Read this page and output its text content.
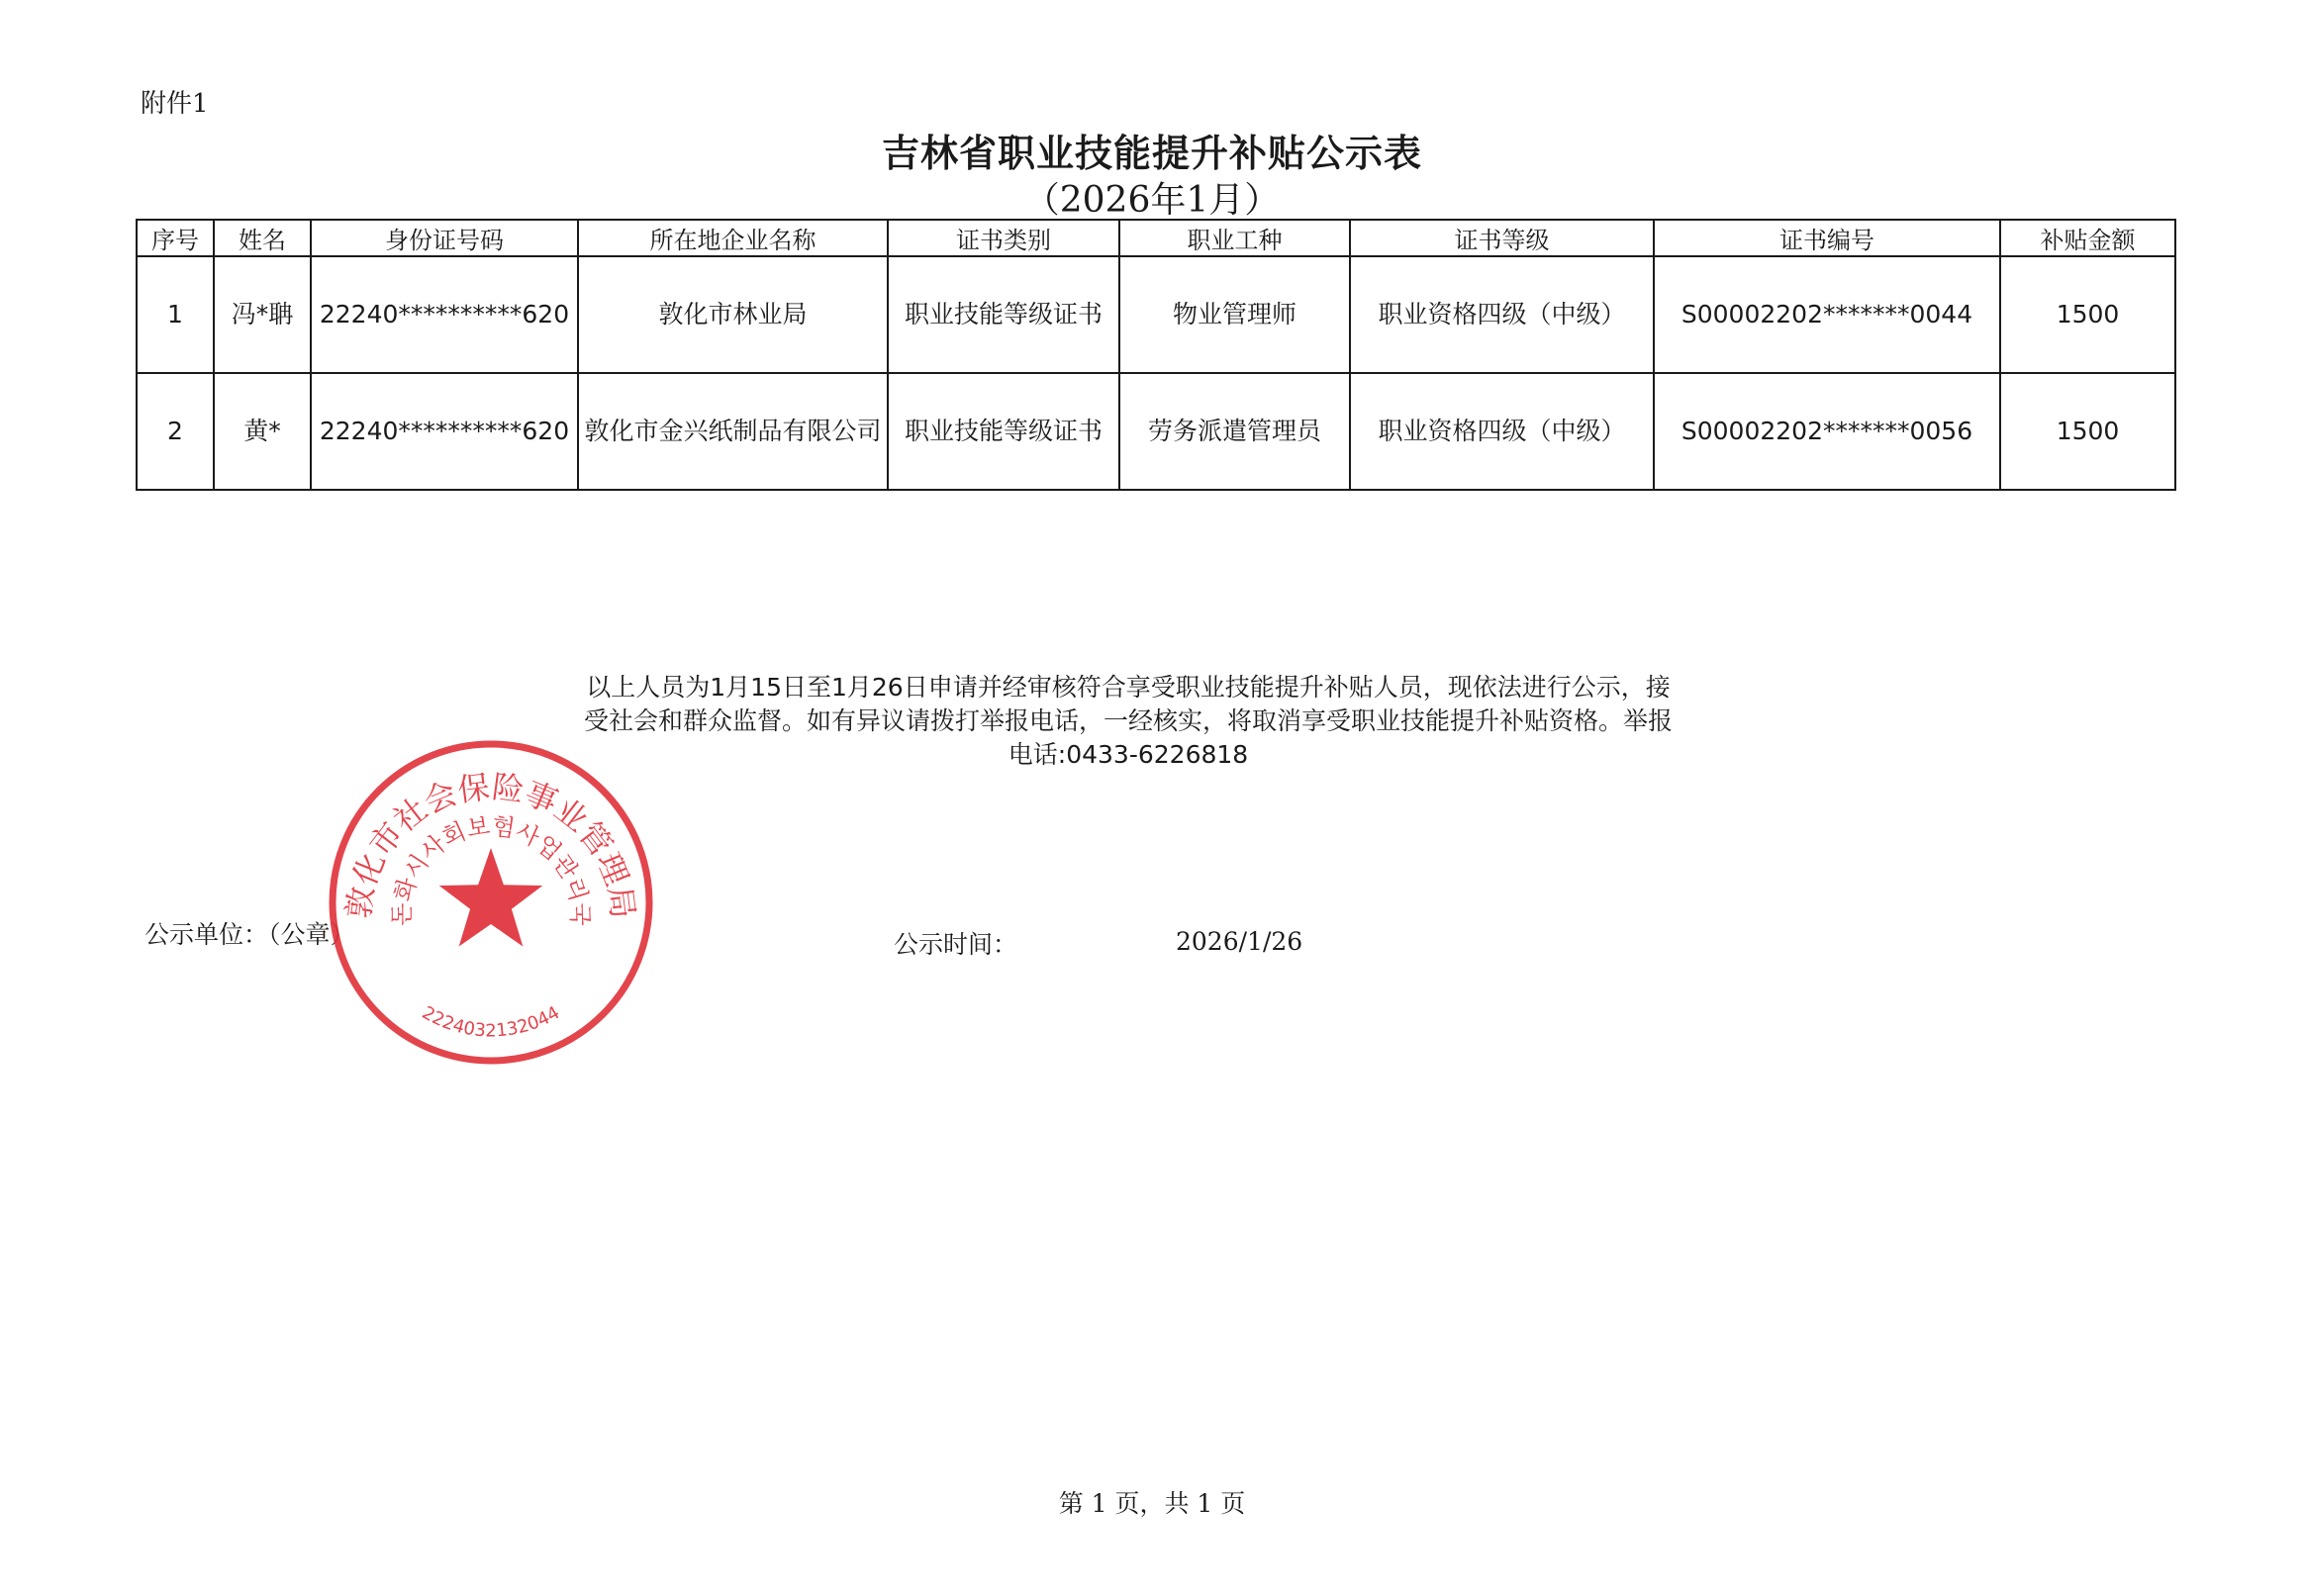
附件1
吉林省职业技能提升补贴公示表
（2026年1月）
序号	姓名	身份证号码	所在地企业名称	证书类别	职业工种	证书等级	证书编号	补贴金额
1	冯*聃	22240**********620	敦化市林业局	职业技能等级证书	物业管理师	职业资格四级（中级）	S00002202*******0044	1500
2	黄*	22240**********620	敦化市金兴纸制品有限公司	职业技能等级证书	劳务派遣管理员	职业资格四级（中级）	S00002202*******0056	1500
以上人员为1月15日至1月26日申请并经审核符合享受职业技能提升补贴人员，现依法进行公示，接受社会和群众监督。如有异议请拨打举报电话，一经核实，将取消享受职业技能提升补贴资格。举报电话:0433-6226818
公示单位：（公章）	公示时间：	2026/1/26
敦化市社会保险事业管理局
돈화시사회보험사업관리국
2224032132044
第 1 页，共 1 页
